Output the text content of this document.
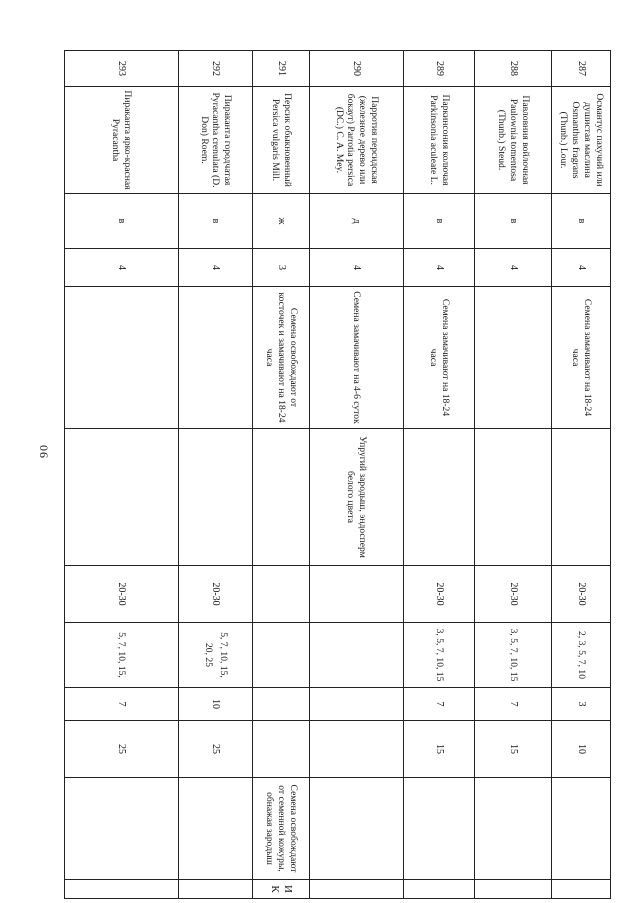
90
287	Османтус пахучий или душистая маслина Osmanthus fragrans (Thunb.) Lour.	в	4	Семена замачивают на 18-24 часа		20-30	2, 3, 5, 7, 10	3	10			
288	Павловния войлочная Paulownia tomentosa (Thunb.) Steud.	в	4			20-30	3, 5, 7, 10, 15	7	15			
289	Паркинсония колючая Parkinsonia aculeate L.	в	4	Семена замачивают на 18-24 часа		20-30	3, 5, 7, 10, 15	7	15			
290	Парротия персидская (железное дерево или бокаут) Parrotia persica (DC.) C. A. Mey.	д	4	Семена замачивают на 4-6 суток	Упругий зародыш, эндосперм белого цвета							
291	Персик обыкновенный Persica vulgaris Mill.	ж	3	Семена освобождают от косточек и замачивают на 18-24 часа						Семена освобождают от семенной кожуры, обнажая зародыш	ИК	
292	Пираканта городчатая Pyracantha crenulata (D. Don) Roem.	в	4			20-30	5, 7, 10, 15,
20, 25	10	25			
293	Пираканта ярко-красная Pyracantha	в	4			20-30	5, 7, 10, 15,	7	25			
